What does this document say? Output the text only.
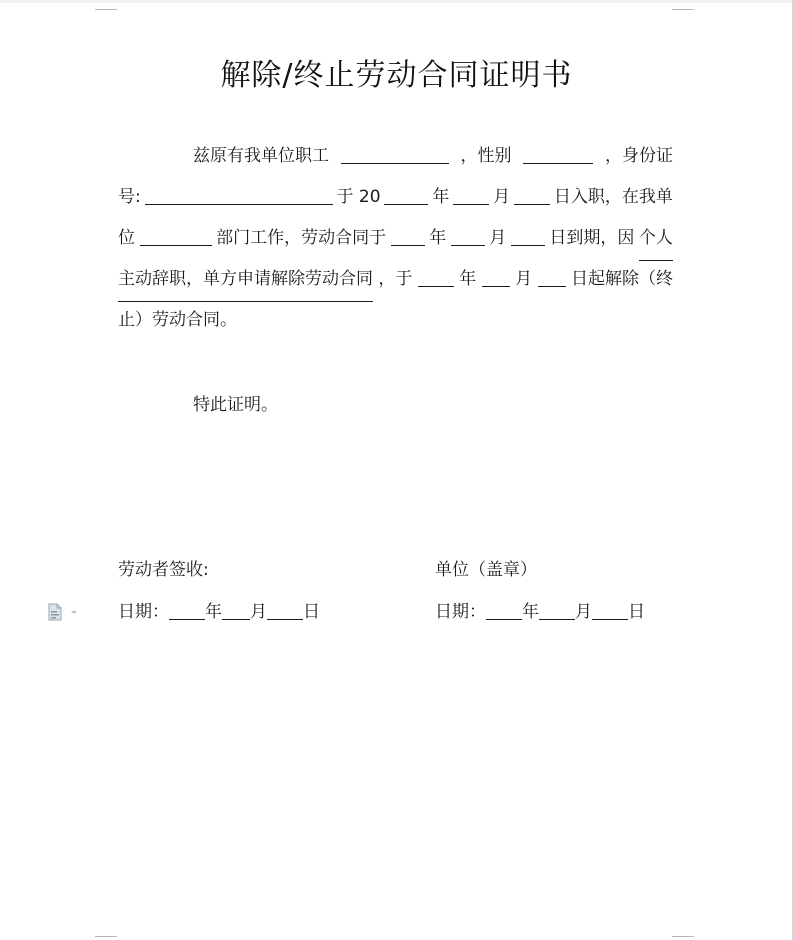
解除/终止劳动合同证明书
兹原有我单位职工	，性别	，身份证
号:	于 20	年	月	日入职，在我单
位	部门工作，劳动合同于	年	月	日到期，因 个人
主动辞职，单方申请解除劳动合同 ，于	年 月 日起解除（终
止）劳动合同。
特此证明。
劳动者签收:	单位（盖章）
日期： 年 月 日	日期： 年 月 日
